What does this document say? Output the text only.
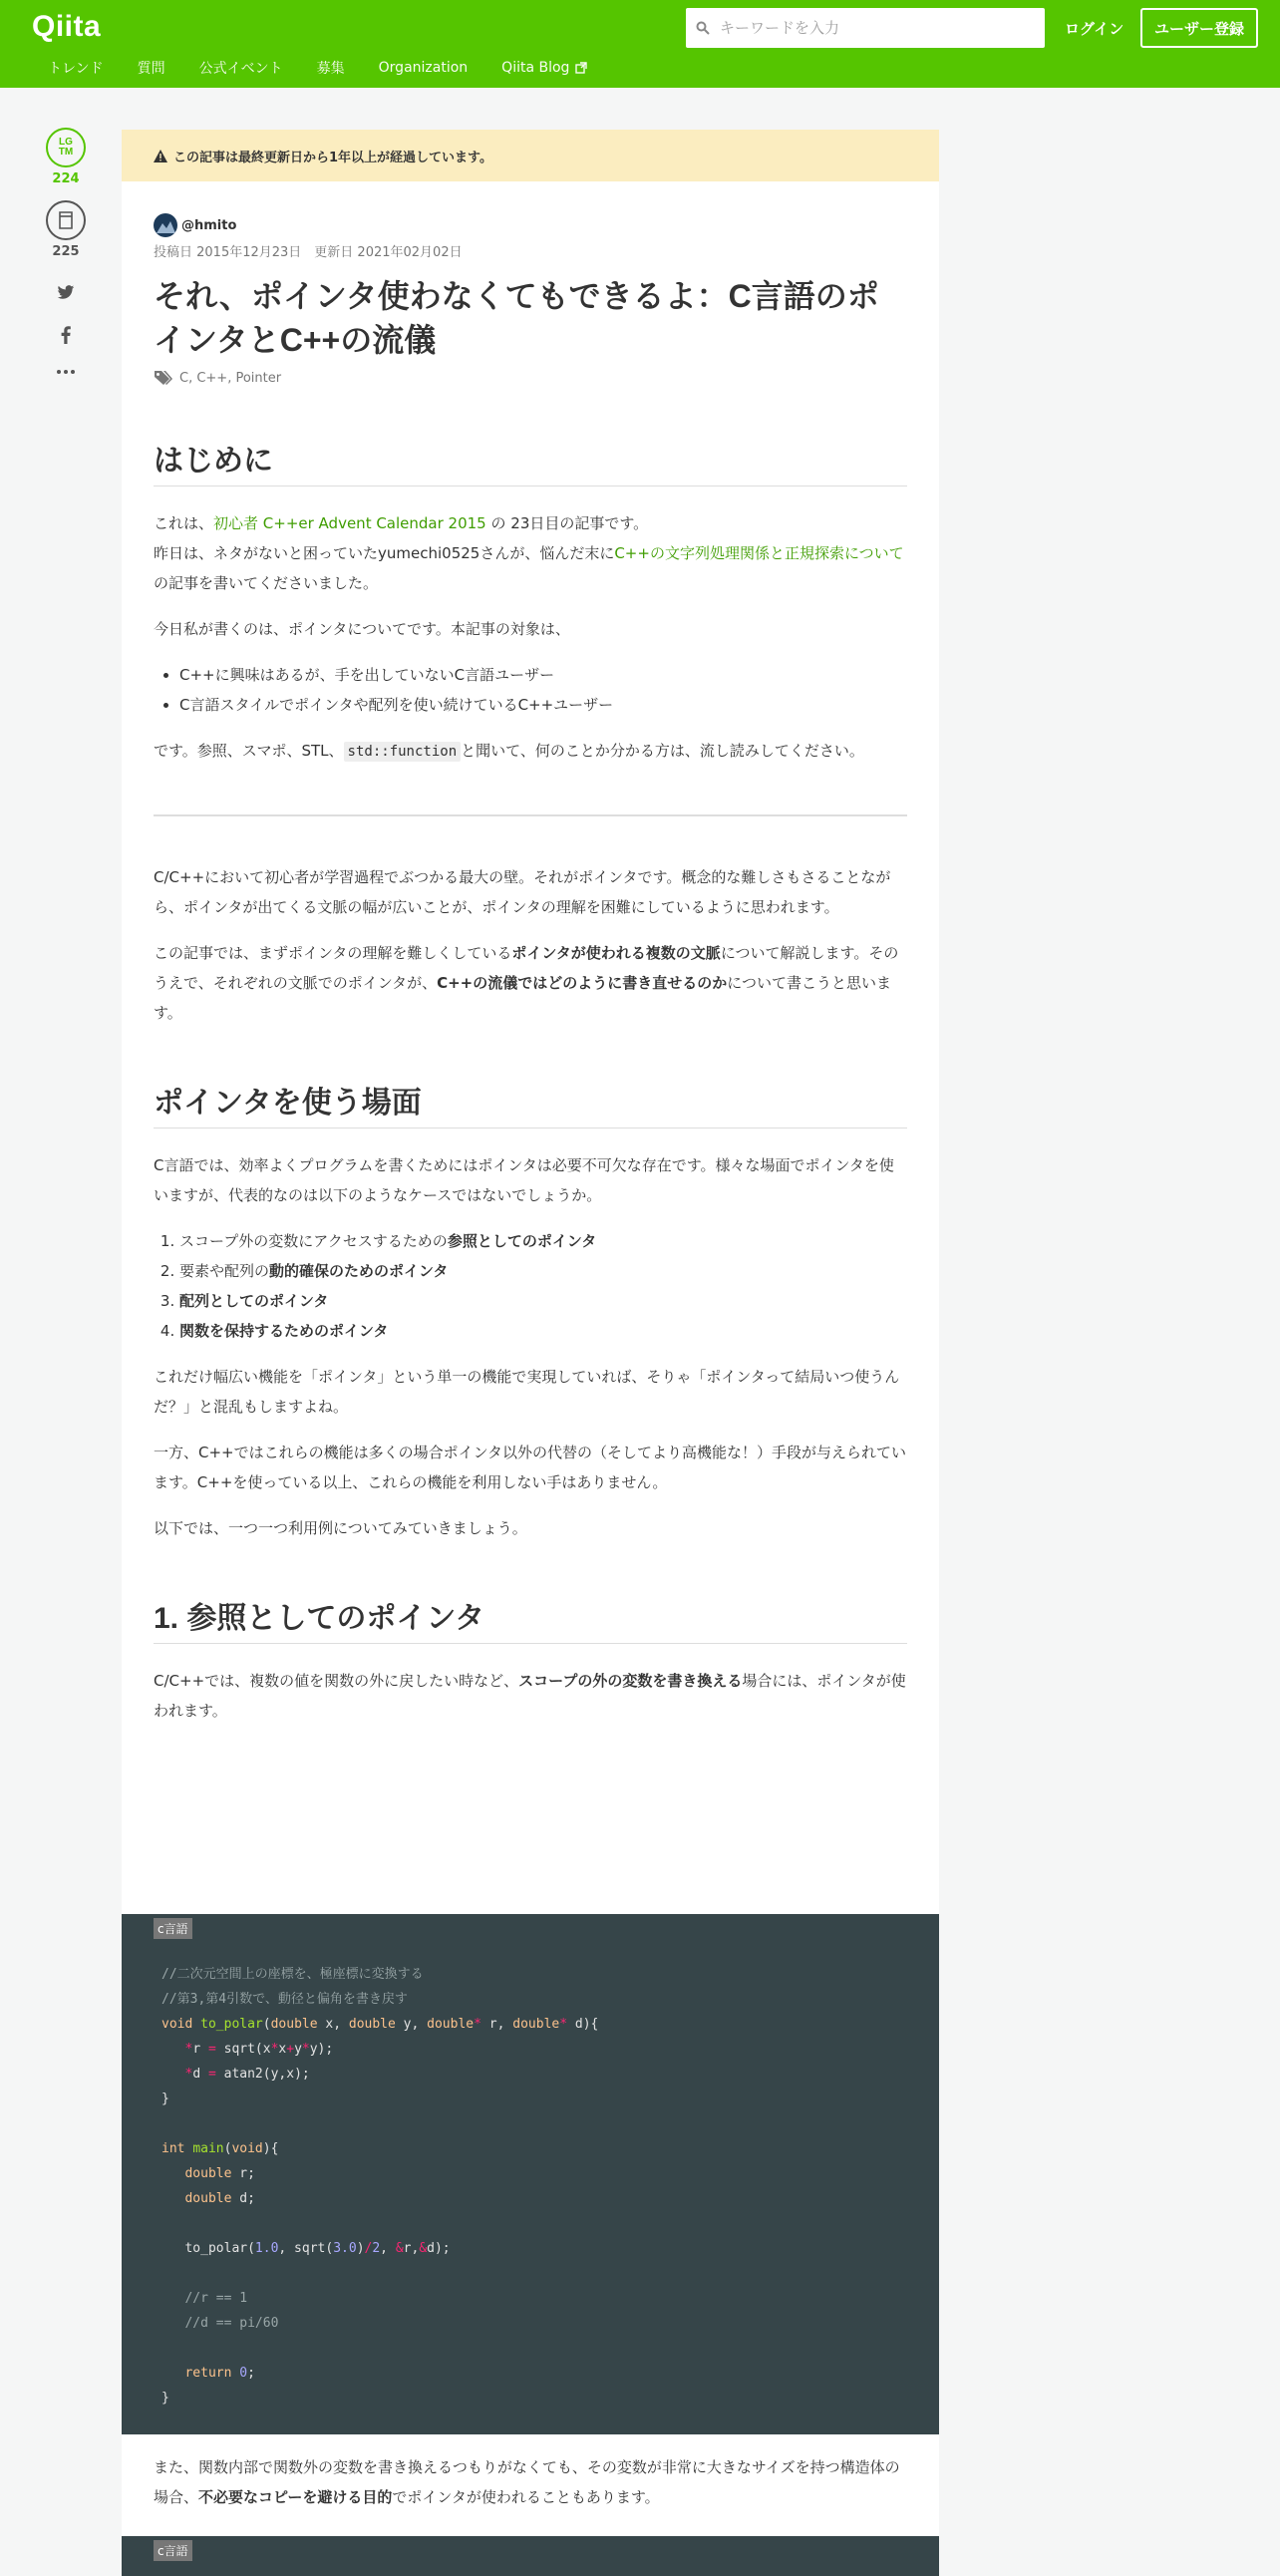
Qiita
キーワードを入力	ログイン	ユーザー登録
トレンド 質問 公式イベント 募集 Organization Qiita Blog
LG
TM
224
225
この記事は最終更新日から1年以上が経過しています。
@hmito
投稿日 2015年12月23日　更新日 2021年02月02日
それ、ポインタ使わなくてもできるよ：C言語のポインタとC++の流儀
C, C++, Pointer
はじめに

これは、初心者 C++er Advent Calendar 2015 の 23日目の記事です。

昨日は、ネタがないと困っていたyumechi0525さんが、悩んだ末にC++の文字列処理関係と正規探索についての記事を書いてくださいました。

今日私が書くのは、ポインタについてです。本記事の対象は、

• C++に興味はあるが、手を出していないC言語ユーザー
• C言語スタイルでポインタや配列を使い続けているC++ユーザー

です。参照、スマポ、STL、 std::function と聞いて、何のことか分かる方は、流し読みしてください。

C/C++において初心者が学習過程でぶつかる最大の壁。それがポインタです。概念的な難しさもさることながら、ポインタが出てくる文脈の幅が広いことが、ポインタの理解を困難にしているように思われます。

この記事では、まずポインタの理解を難しくしているポインタが使われる複数の文脈について解説します。そのうえで、それぞれの文脈でのポインタが、C++の流儀ではどのように書き直せるのかについて書こうと思います。

ポインタを使う場面

C言語では、効率よくプログラムを書くためにはポインタは必要不可欠な存在です。様々な場面でポインタを使いますが、代表的なのは以下のようなケースではないでしょうか。

1. スコープ外の変数にアクセスするための参照としてのポインタ
2. 要素や配列の動的確保のためのポインタ
3. 配列としてのポインタ
4. 関数を保持するためのポインタ

これだけ幅広い機能を「ポインタ」という単一の機能で実現していれば、そりゃ「ポインタって結局いつ使うんだ？」と混乱もしますよね。

一方、C++ではこれらの機能は多くの場合ポインタ以外の代替の（そしてより高機能な！）手段が与えられています。C++を使っている以上、これらの機能を利用しない手はありません。

以下では、一つ一つ利用例についてみていきましょう。

1. 参照としてのポインタ

C/C++では、複数の値を関数の外に戻したい時など、スコープの外の変数を書き換える場合には、ポインタが使われます。

c言語
//二次元空間上の座標を、極座標に変換する
//第3,第4引数で、動径と偏角を書き戻す
void to_polar(double x, double y, double* r, double* d){
*r = sqrt(x*x+y*y);
*d = atan2(y,x);
}
int main(void){
double r;
double d;
to_polar(1.0, sqrt(3.0)/2, &r,&d);
//r == 1
//d == pi/60
return 0;
}

また、関数内部で関数外の変数を書き換えるつもりがなくても、その変数が非常に大きなサイズを持つ構造体の場合、不必要なコピーを避ける目的でポインタが使われることもあります。

c言語
